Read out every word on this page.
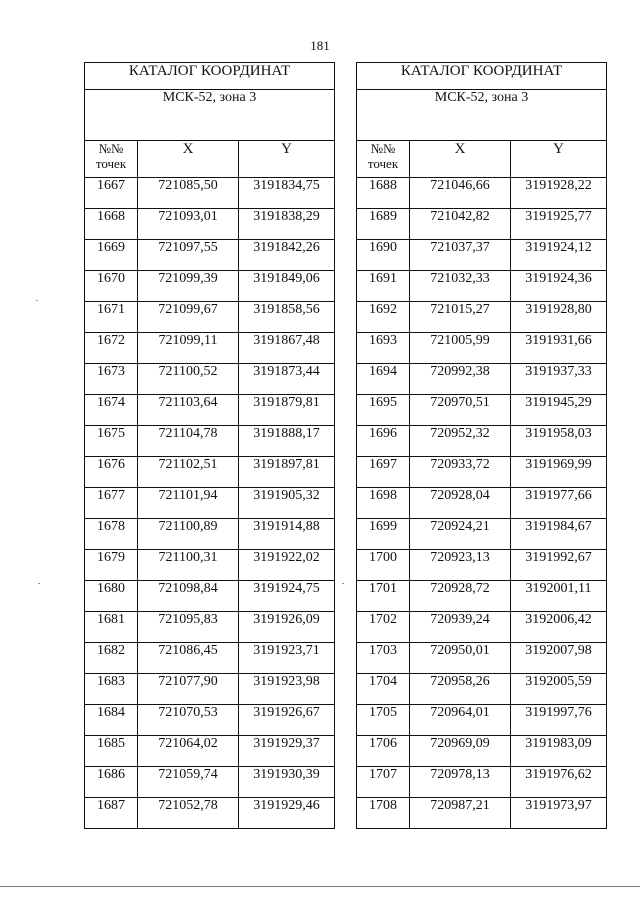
181
КАТАЛОГ КООРДИНАТ		
МСК-52, зона 3		
№№
точек	X	Y
1667	721085,50	3191834,75
1668	721093,01	3191838,29
1669	721097,55	3191842,26
1670	721099,39	3191849,06
1671	721099,67	3191858,56
1672	721099,11	3191867,48
1673	721100,52	3191873,44
1674	721103,64	3191879,81
1675	721104,78	3191888,17
1676	721102,51	3191897,81
1677	721101,94	3191905,32
1678	721100,89	3191914,88
1679	721100,31	3191922,02
1680	721098,84	3191924,75
1681	721095,83	3191926,09
1682	721086,45	3191923,71
1683	721077,90	3191923,98
1684	721070,53	3191926,67
1685	721064,02	3191929,37
1686	721059,74	3191930,39
1687	721052,78	3191929,46
КАТАЛОГ КООРДИНАТ		
МСК-52, зона 3		
№№
точек	X	Y
1688	721046,66	3191928,22
1689	721042,82	3191925,77
1690	721037,37	3191924,12
1691	721032,33	3191924,36
1692	721015,27	3191928,80
1693	721005,99	3191931,66
1694	720992,38	3191937,33
1695	720970,51	3191945,29
1696	720952,32	3191958,03
1697	720933,72	3191969,99
1698	720928,04	3191977,66
1699	720924,21	3191984,67
1700	720923,13	3191992,67
1701	720928,72	3192001,11
1702	720939,24	3192006,42
1703	720950,01	3192007,98
1704	720958,26	3192005,59
1705	720964,01	3191997,76
1706	720969,09	3191983,09
1707	720978,13	3191976,62
1708	720987,21	3191973,97
